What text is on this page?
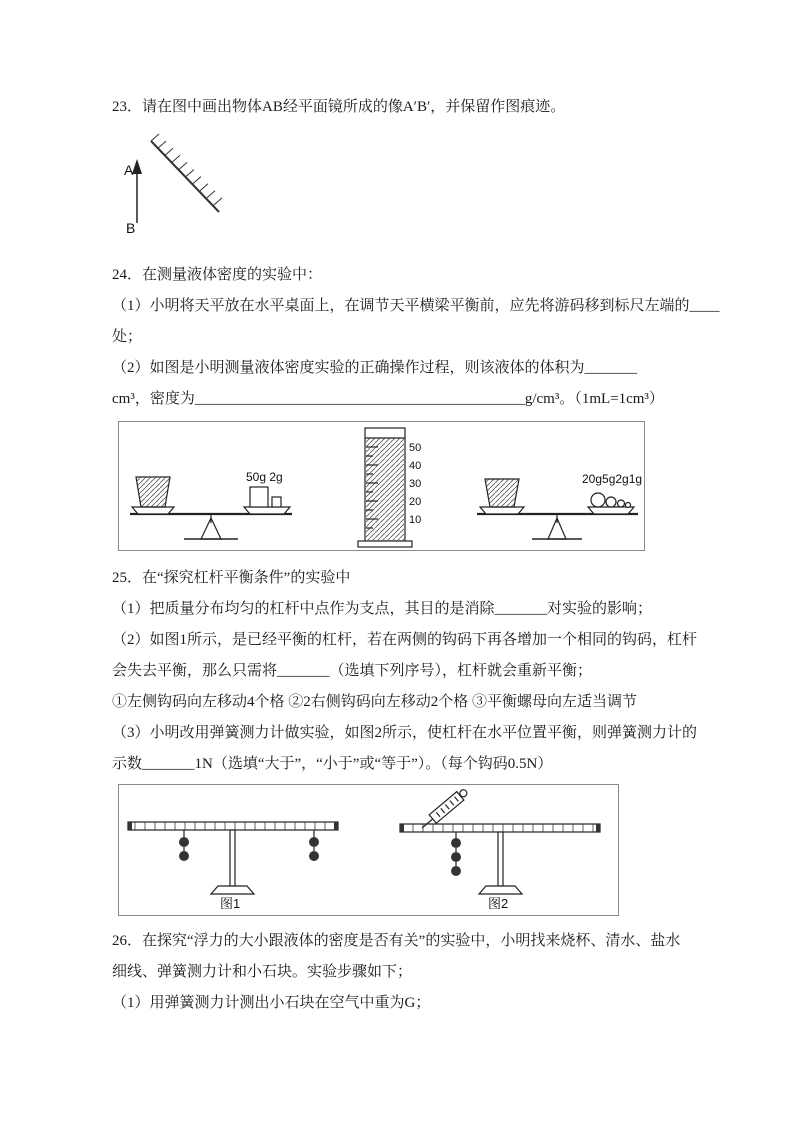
23．请在图中画出物体AB经平面镜所成的像A′B′，并保留作图痕迹。
A
B
24．在测量液体密度的实验中：
（1）小明将天平放在水平桌面上，在调节天平横梁平衡前，应先将游码移到标尺左端的____
处；
（2）如图是小明测量液体密度实验的正确操作过程，则该液体的体积为_______
cm³，密度为____________________________________________g/cm³。（1mL=1cm³）
50g 2g
50
40
30
20
10
20g5g2g1g
25．在“探究杠杆平衡条件”的实验中
（1）把质量分布均匀的杠杆中点作为支点，其目的是消除_______对实验的影响；
（2）如图1所示，是已经平衡的杠杆，若在两侧的钩码下再各增加一个相同的钩码，杠杆
会失去平衡，那么只需将_______（选填下列序号），杠杆就会重新平衡；
①左侧钩码向左移动4个格 ②2右侧钩码向左移动2个格 ③平衡螺母向左适当调节
（3）小明改用弹簧测力计做实验，如图2所示，使杠杆在水平位置平衡，则弹簧测力计的
示数_______1N（选填“大于”，“小于”或“等于”）。（每个钩码0.5N）
图1	图2
26．在探究“浮力的大小跟液体的密度是否有关”的实验中，小明找来烧杯、清水、盐水
细线、弹簧测力计和小石块。实验步骤如下；
（1）用弹簧测力计测出小石块在空气中重为G；
